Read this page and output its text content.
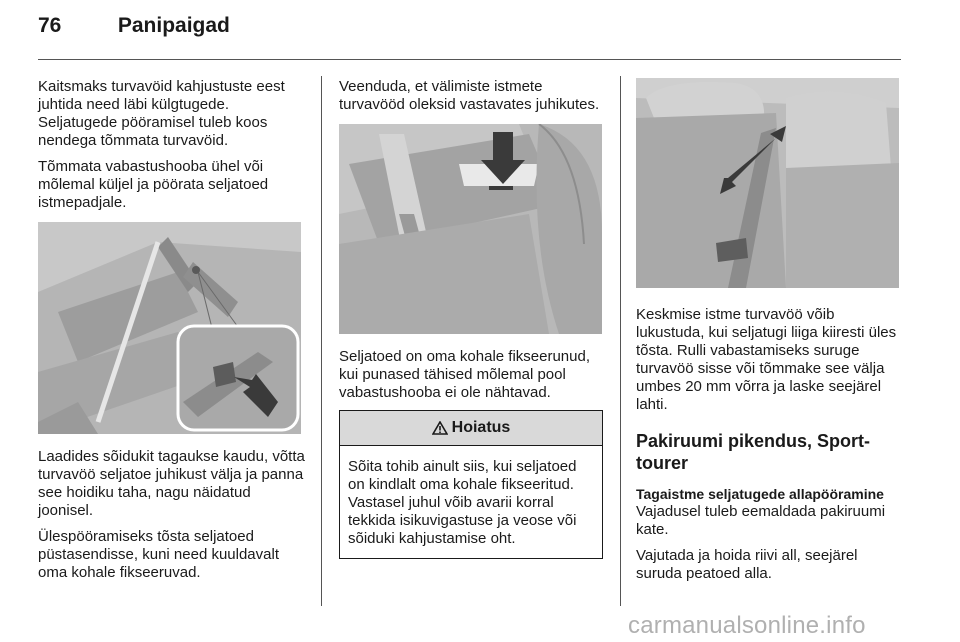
76	Panipaigad

Kaitsmaks turvavöid kahjustuste eest juhtida need läbi külgtugede. Seljatugede pööramisel tuleb koos nendega tõmmata turvavöid.

Tõmmata vabastushooba ühel või mõlemal küljel ja pöörata seljatoed istmepadjale.

Laadides sõidukit tagaukse kaudu, võtta turvavöö seljatoe juhikust välja ja panna see hoidiku taha, nagu näidatud joonisel.

Ülespööramiseks tõsta seljatoed püstasendisse, kuni need kuuldavalt oma kohale fikseeruvad.

Veenduda, et välimiste istmete turvavööd oleksid vastavates juhikutes.

Seljatoed on oma kohale fikseerunud, kui punased tähised mõlemal pool vabastushooba ei ole nähtavad.

Hoiatus
Sõita tohib ainult siis, kui seljatoed on kindlalt oma kohale fikseeritud. Vastasel juhul võib avarii korral tekkida isikuvigastuse ja veose või sõiduki kahjustamise oht.

Keskmise istme turvavöö võib lukustuda, kui seljatugi liiga kiiresti üles tõsta. Rulli vabastamiseks suruge turvavöö sisse või tõmmake see välja umbes 20 mm võrra ja laske seejärel lahti.

Pakiruumi pikendus, Sport-tourer
Tagaistme seljatugede allapööramine

Vajadusel tuleb eemaldada pakiruumi kate.

Vajutada ja hoida riivi all, seejärel suruda peatoed alla.

carmanualsonline.info
